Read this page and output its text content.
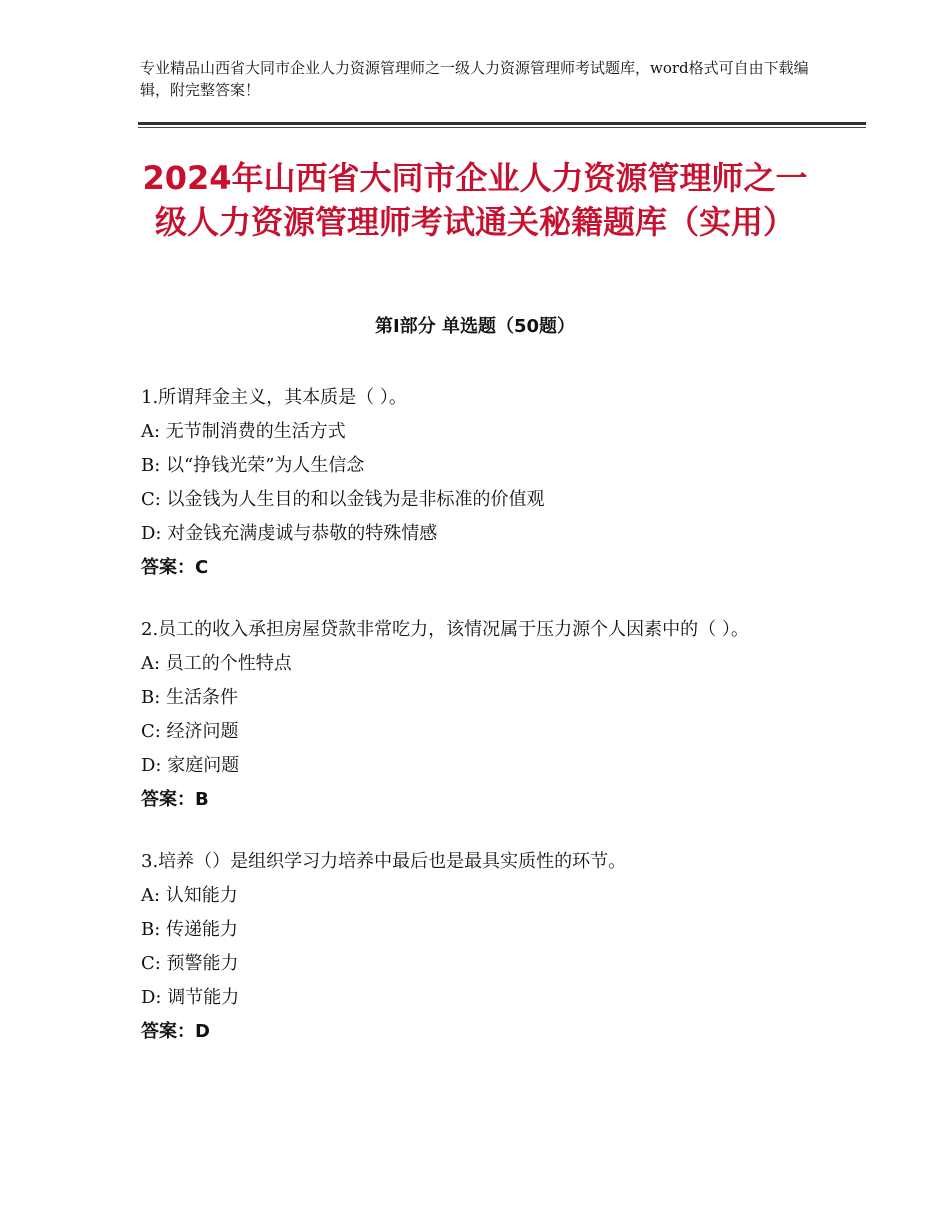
专业精品山西省大同市企业人力资源管理师之一级人力资源管理师考试题库，word格式可自由下载编辑，附完整答案！
2024年山西省大同市企业人力资源管理师之一级人力资源管理师考试通关秘籍题库（实用）
第Ⅰ部分 单选题（50题）

1.所谓拜金主义，其本质是（ ）。

A: 无节制消费的生活方式

B: 以“挣钱光荣”为人生信念

C: 以金钱为人生目的和以金钱为是非标准的价值观

D: 对金钱充满虔诚与恭敬的特殊情感

答案：C

2.员工的收入承担房屋贷款非常吃力，该情况属于压力源个人因素中的（ ）。

A: 员工的个性特点

B: 生活条件

C: 经济问题

D: 家庭问题

答案：B

3.培养（）是组织学习力培养中最后也是最具实质性的环节。

A: 认知能力

B: 传递能力

C: 预警能力

D: 调节能力

答案：D
